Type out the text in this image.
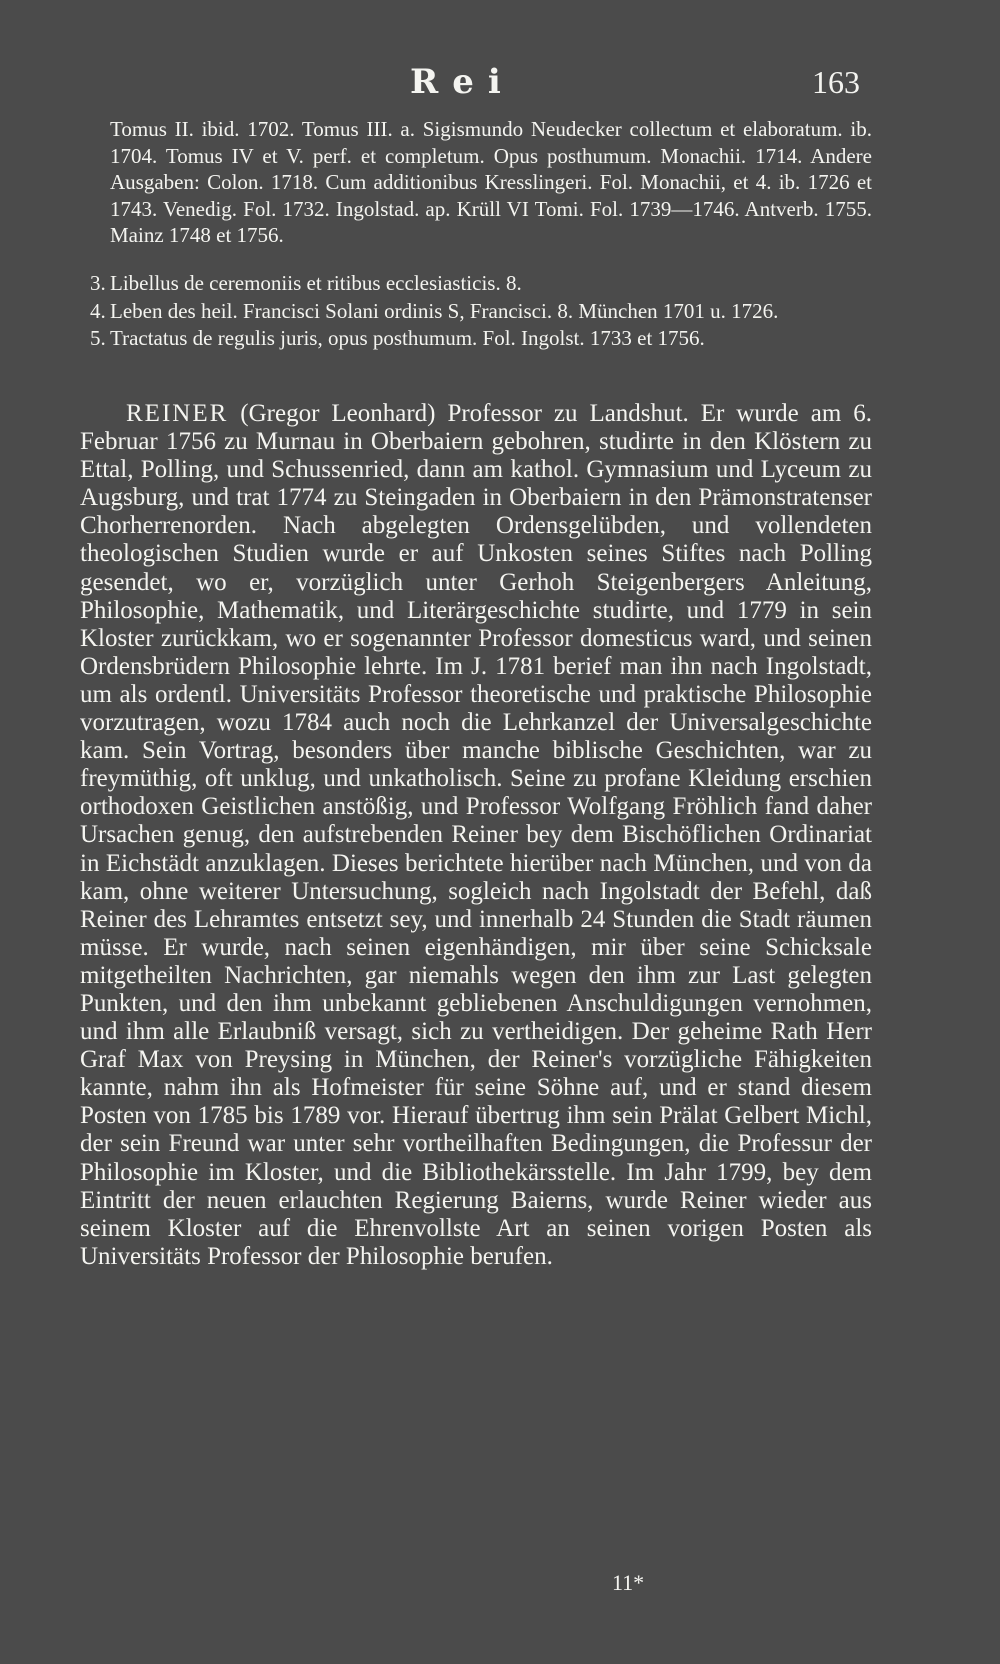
Rei	163
Tomus II. ibid. 1702. Tomus III. a. Sigismundo Neudecker collectum et elaboratum. ib. 1704. Tomus IV et V. perf. et completum. Opus posthumum. Monachii. 1714. Andere Ausgaben: Colon. 1718. Cum additionibus Kresslingeri. Fol. Monachii, et 4. ib. 1726 et 1743. Venedig. Fol. 1732. Ingolstad. ap. Krüll VI Tomi. Fol. 1739—1746. Antverb. 1755. Mainz 1748 et 1756.
3. Libellus de ceremoniis et ritibus ecclesiasticis. 8.
4. Leben des heil. Francisci Solani ordinis S, Francisci. 8. München 1701 u. 1726.
5. Tractatus de regulis juris, opus posthumum. Fol. Ingolst. 1733 et 1756.
REINER (Gregor Leonhard) Professor zu Landshut. Er wurde am 6. Februar 1756 zu Murnau in Oberbaiern gebohren, studirte in den Klöstern zu Ettal, Polling, und Schussenried, dann am kathol. Gymnasium und Lyceum zu Augsburg, und trat 1774 zu Steingaden in Oberbaiern in den Prämonstratenser Chorherrenorden. Nach abgelegten Ordensgelübden, und vollendeten theologischen Studien wurde er auf Unkosten seines Stiftes nach Polling gesendet, wo er, vorzüglich unter Gerhoh Steigenbergers Anleitung, Philosophie, Mathematik, und Literärgeschichte studirte, und 1779 in sein Kloster zurückkam, wo er sogenannter Professor domesticus ward, und seinen Ordensbrüdern Philosophie lehrte. Im J. 1781 berief man ihn nach Ingolstadt, um als ordentl. Universitäts Professor theoretische und praktische Philosophie vorzutragen, wozu 1784 auch noch die Lehrkanzel der Universalgeschichte kam. Sein Vortrag, besonders über manche biblische Geschichten, war zu freymüthig, oft unklug, und unkatholisch. Seine zu profane Kleidung erschien orthodoxen Geistlichen anstößig, und Professor Wolfgang Fröhlich fand daher Ursachen genug, den aufstrebenden Reiner bey dem Bischöflichen Ordinariat in Eichstädt anzuklagen. Dieses berichtete hierüber nach München, und von da kam, ohne weiterer Untersuchung, sogleich nach Ingolstadt der Befehl, daß Reiner des Lehramtes entsetzt sey, und innerhalb 24 Stunden die Stadt räumen müsse. Er wurde, nach seinen eigenhändigen, mir über seine Schicksale mitgetheilten Nachrichten, gar niemahls wegen den ihm zur Last gelegten Punkten, und den ihm unbekannt gebliebenen Anschuldigungen vernohmen, und ihm alle Erlaubniß versagt, sich zu vertheidigen. Der geheime Rath Herr Graf Max von Preysing in München, der Reiner's vorzügliche Fähigkeiten kannte, nahm ihn als Hofmeister für seine Söhne auf, und er stand diesem Posten von 1785 bis 1789 vor. Hierauf übertrug ihm sein Prälat Gelbert Michl, der sein Freund war unter sehr vortheilhaften Bedingungen, die Professur der Philosophie im Kloster, und die Bibliothekärsstelle. Im Jahr 1799, bey dem Eintritt der neuen erlauchten Regierung Baierns, wurde Reiner wieder aus seinem Kloster auf die Ehrenvollste Art an seinen vorigen Posten als Universitäts Professor der Philosophie berufen.
11*
